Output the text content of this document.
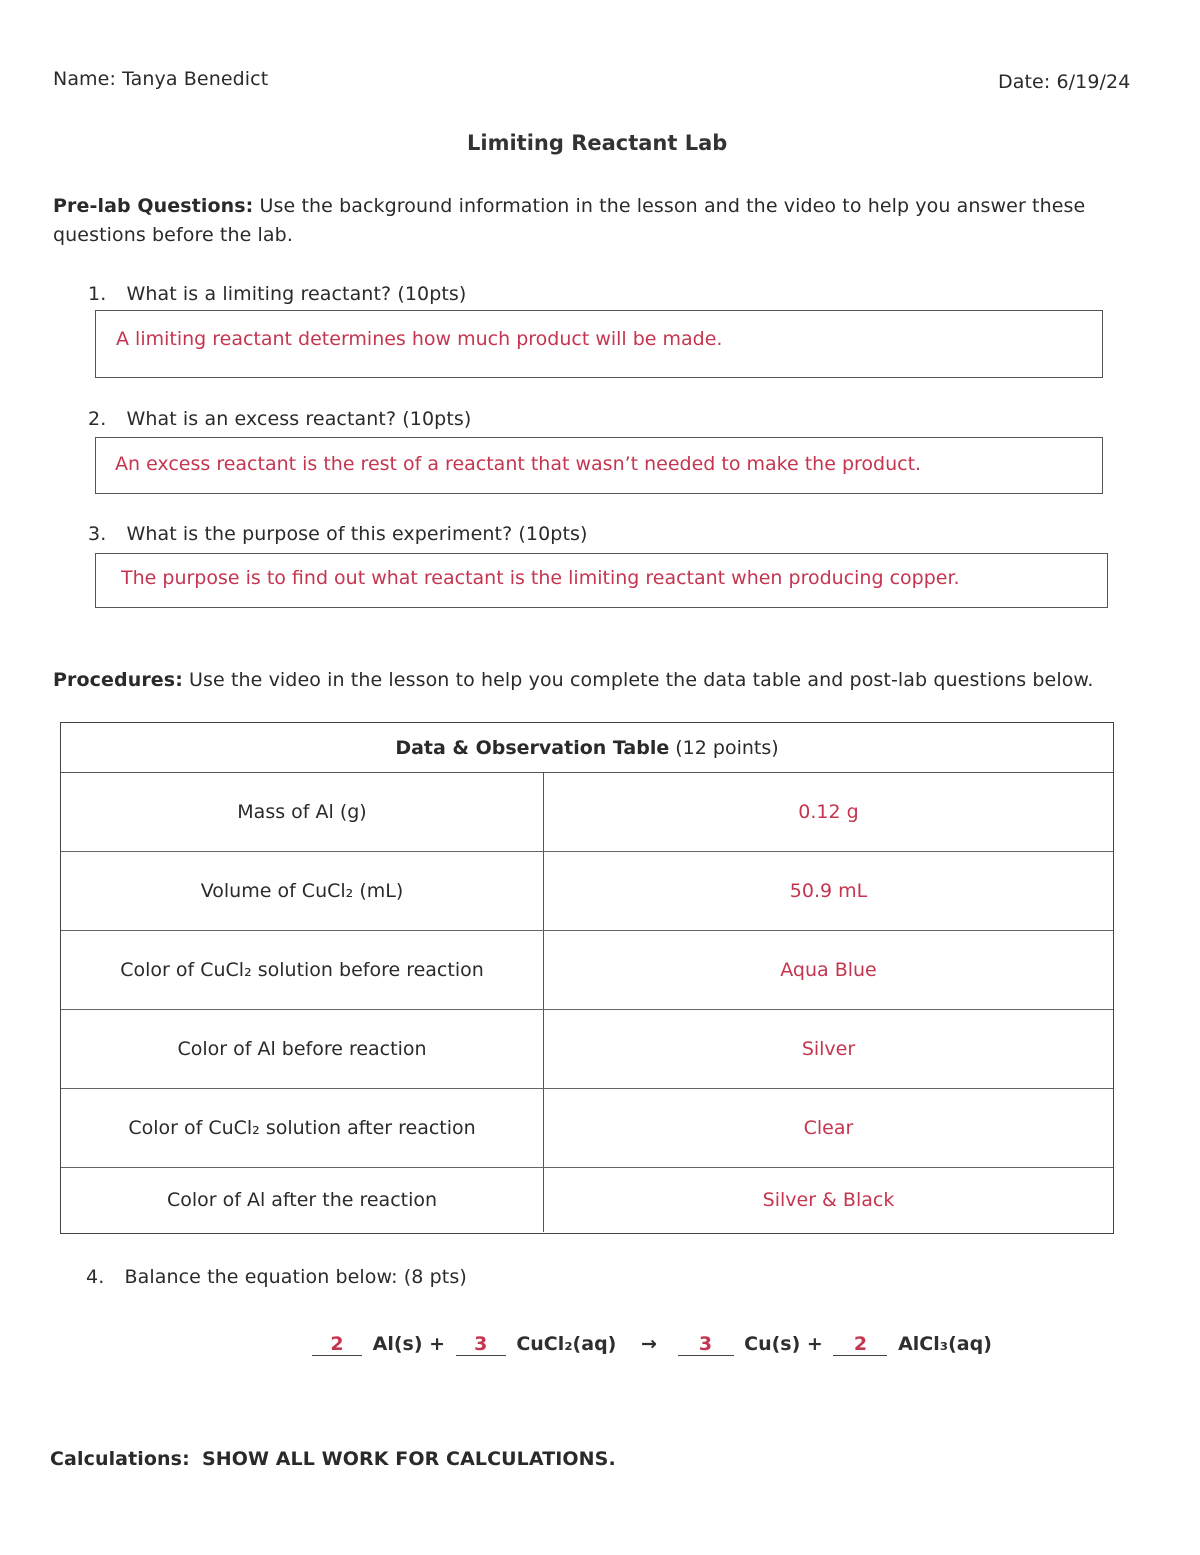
Name: Tanya Benedict	Date: 6/19/24
Limiting Reactant Lab
Pre-lab Questions: Use the background information in the lesson and the video to help you answer these
questions before the lab.
1. What is a limiting reactant? (10pts)
A limiting reactant determines how much product will be made.
2. What is an excess reactant? (10pts)
An excess reactant is the rest of a reactant that wasn’t needed to make the product.
3. What is the purpose of this experiment? (10pts)
The purpose is to find out what reactant is the limiting reactant when producing copper.
Procedures: Use the video in the lesson to help you complete the data table and post-lab questions below.
Data & Observation Table (12 points)
Mass of Al (g)	0.12 g
Volume of CuCl₂ (mL)	50.9 mL
Color of CuCl₂ solution before reaction	Aqua Blue
Color of Al before reaction	Silver
Color of CuCl₂ solution after reaction	Clear
Color of Al after the reaction	Silver & Black
4. Balance the equation below: (8 pts)
2 Al(s) + 3 CuCl₂(aq) → 3 Cu(s) + 2 AlCl₃(aq)
Calculations: SHOW ALL WORK FOR CALCULATIONS.
